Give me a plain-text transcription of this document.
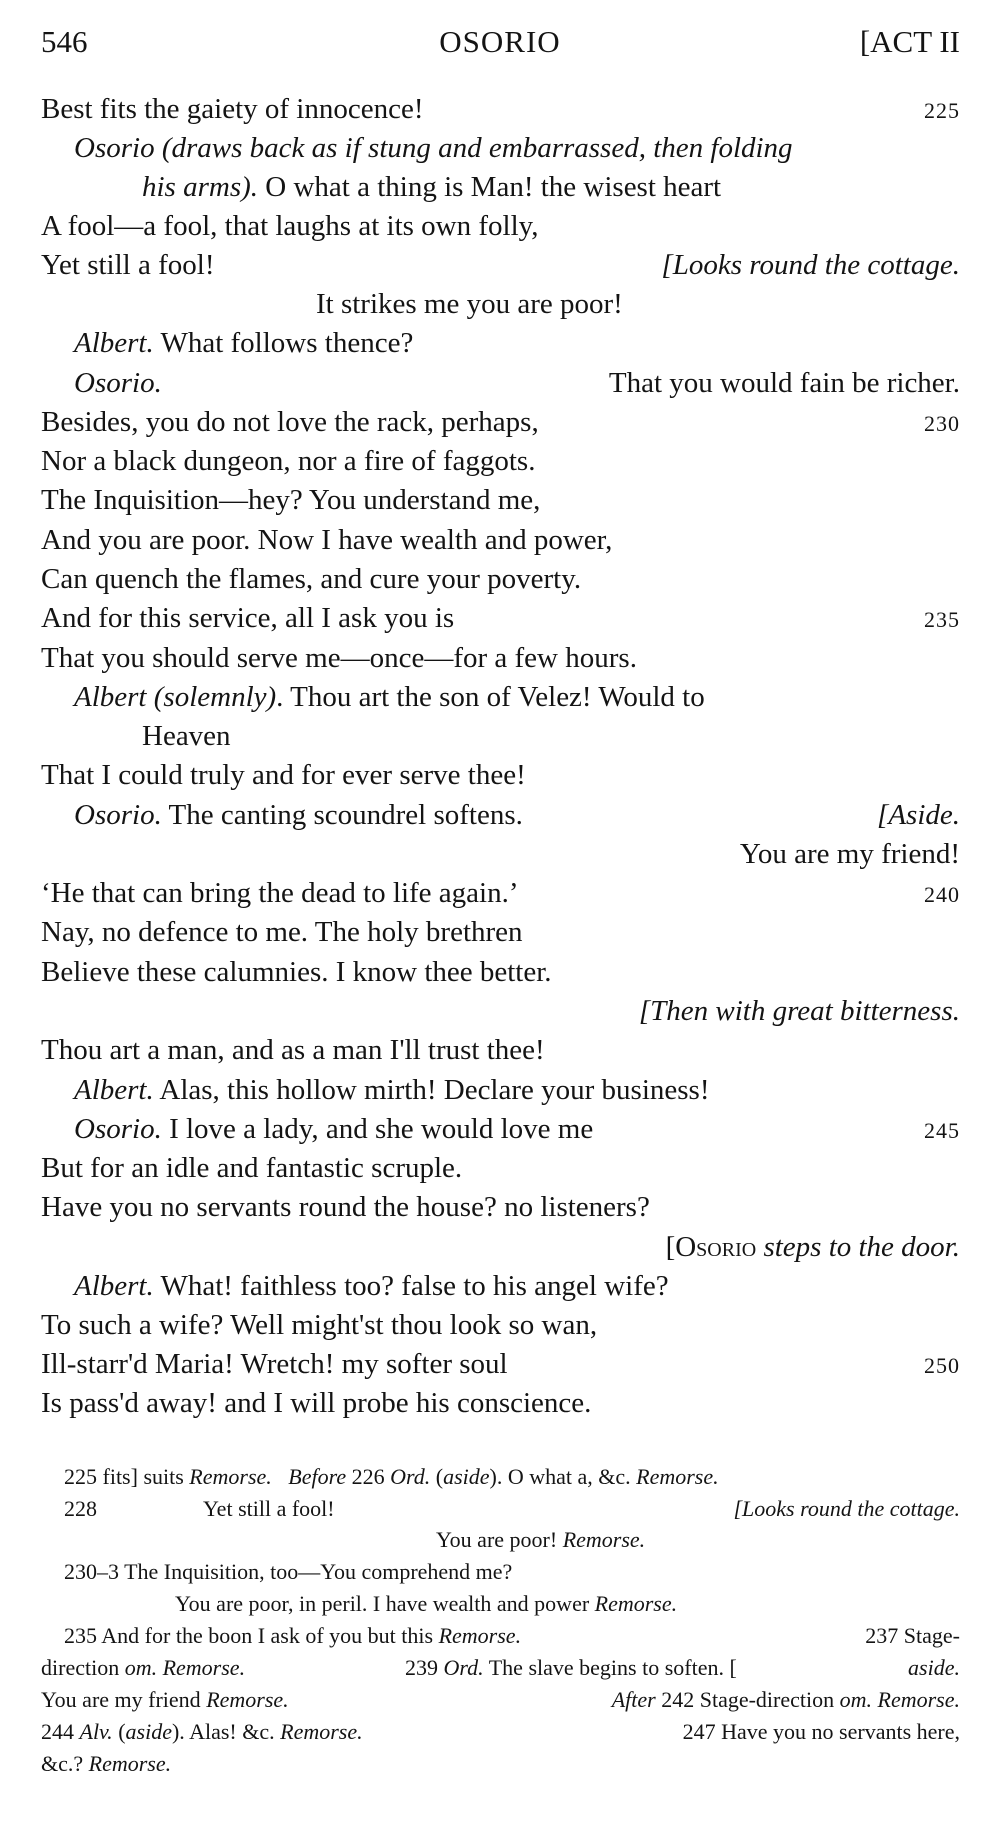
546	OSORIO	[ACT II
Best fits the gaiety of innocence!	225
Osorio (draws back as if stung and embarrassed, then folding
his arms). O what a thing is Man! the wisest heart
A fool—a fool, that laughs at its own folly,
Yet still a fool!	[Looks round the cottage.
It strikes me you are poor!
Albert. What follows thence?
Osorio.	That you would fain be richer.
Besides, you do not love the rack, perhaps,	230
Nor a black dungeon, nor a fire of faggots.
The Inquisition—hey? You understand me,
And you are poor. Now I have wealth and power,
Can quench the flames, and cure your poverty.
And for this service, all I ask you is	235
That you should serve me—once—for a few hours.
Albert (solemnly). Thou art the son of Velez! Would to
Heaven
That I could truly and for ever serve thee!
Osorio. The canting scoundrel softens.	[Aside.
You are my friend!
‘He that can bring the dead to life again.’	240
Nay, no defence to me. The holy brethren
Believe these calumnies. I know thee better.
[Then with great bitterness.
Thou art a man, and as a man I'll trust thee!
Albert. Alas, this hollow mirth! Declare your business!
Osorio. I love a lady, and she would love me	245
But for an idle and fantastic scruple.
Have you no servants round the house? no listeners?
[Osorio steps to the door.
Albert. What! faithless too? false to his angel wife?
To such a wife? Well might'st thou look so wan,
Ill-starr'd Maria! Wretch! my softer soul	250
Is pass'd away! and I will probe his conscience.
225 fits] suits Remorse. Before 226 Ord. (aside). O what a, &c. Remorse.
228	Yet still a fool!	[Looks round the cottage.
You are poor! Remorse.
230–3 The Inquisition, too—You comprehend me?
You are poor, in peril. I have wealth and power Remorse.
235 And for the boon I ask of you but this Remorse.	237 Stage-
direction om. Remorse.	239 Ord. The slave begins to soften. [	aside.
You are my friend Remorse.	After 242 Stage-direction om. Remorse.
244 Alv. (aside). Alas! &c. Remorse.	247 Have you no servants here,
&c.? Remorse.
